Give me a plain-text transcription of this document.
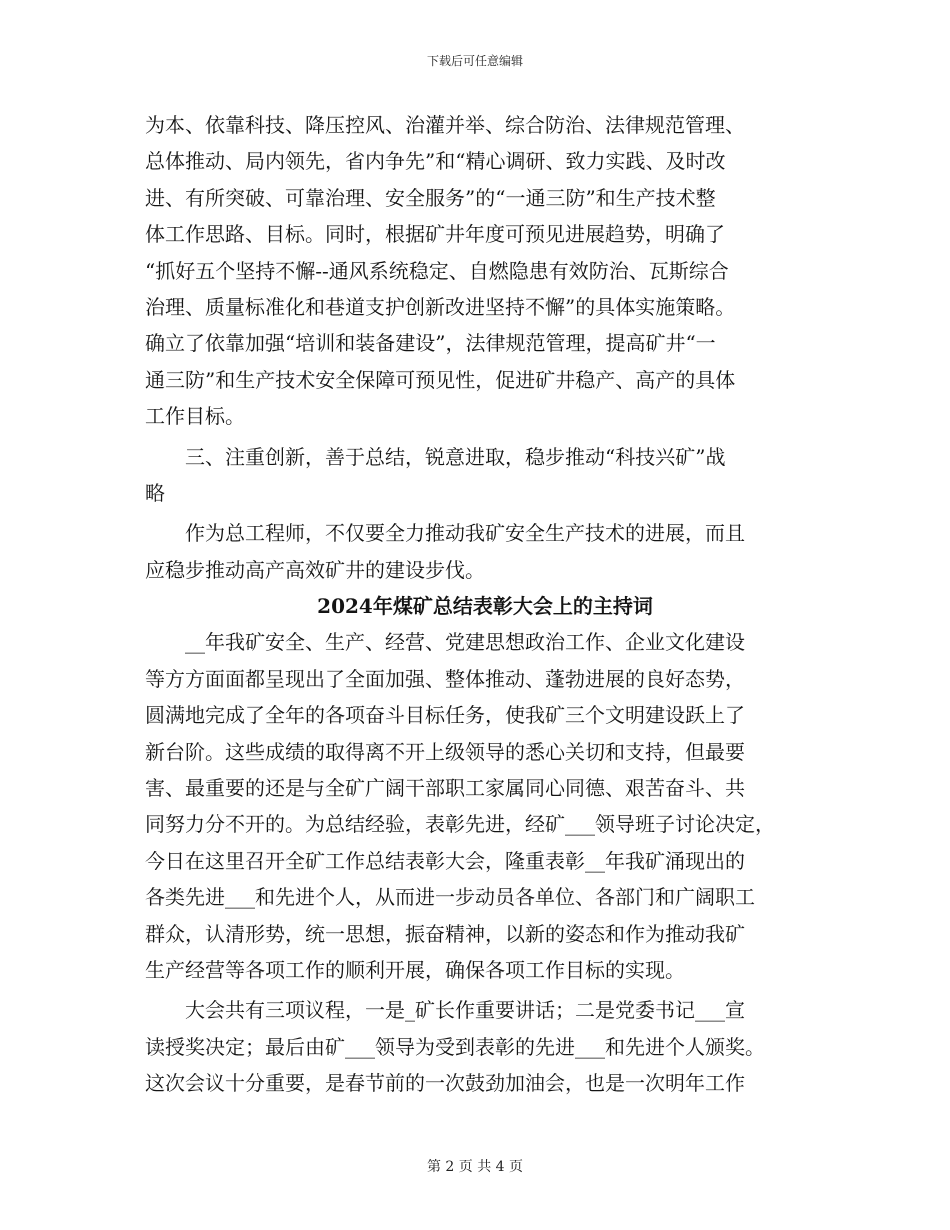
下载后可任意编辑
为本、依靠科技、降压控风、治灌并举、综合防治、法律规范管理、
总体推动、局内领先，省内争先”和“精心调研、致力实践、及时改
进、有所突破、可靠治理、安全服务”的“一通三防”和生产技术整
体工作思路、目标。同时，根据矿井年度可预见进展趋势，明确了
“抓好五个坚持不懈--通风系统稳定、自燃隐患有效防治、瓦斯综合
治理、质量标准化和巷道支护创新改进坚持不懈”的具体实施策略。
确立了依靠加强“培训和装备建设”，法律规范管理，提高矿井“一
通三防”和生产技术安全保障可预见性，促进矿井稳产、高产的具体
工作目标。
　　三、注重创新，善于总结，锐意进取，稳步推动“科技兴矿”战
略
　　作为总工程师，不仅要全力推动我矿安全生产技术的进展，而且
应稳步推动高产高效矿井的建设步伐。
2024年煤矿总结表彰大会上的主持词
　　__年我矿安全、生产、经营、党建思想政治工作、企业文化建设
等方方面面都呈现出了全面加强、整体推动、蓬勃进展的良好态势，
圆满地完成了全年的各项奋斗目标任务，使我矿三个文明建设跃上了
新台阶。这些成绩的取得离不开上级领导的悉心关切和支持，但最要
害、最重要的还是与全矿广阔干部职工家属同心同德、艰苦奋斗、共
同努力分不开的。为总结经验，表彰先进，经矿___领导班子讨论决定，
今日在这里召开全矿工作总结表彰大会，隆重表彰__年我矿涌现出的
各类先进___和先进个人，从而进一步动员各单位、各部门和广阔职工
群众，认清形势，统一思想，振奋精神，以新的姿态和作为推动我矿
生产经营等各项工作的顺利开展，确保各项工作目标的实现。
　　大会共有三项议程，一是_矿长作重要讲话；二是党委书记___宣
读授奖决定；最后由矿___领导为受到表彰的先进___和先进个人颁奖。
这次会议十分重要，是春节前的一次鼓劲加油会，也是一次明年工作
第 2 页 共 4 页
